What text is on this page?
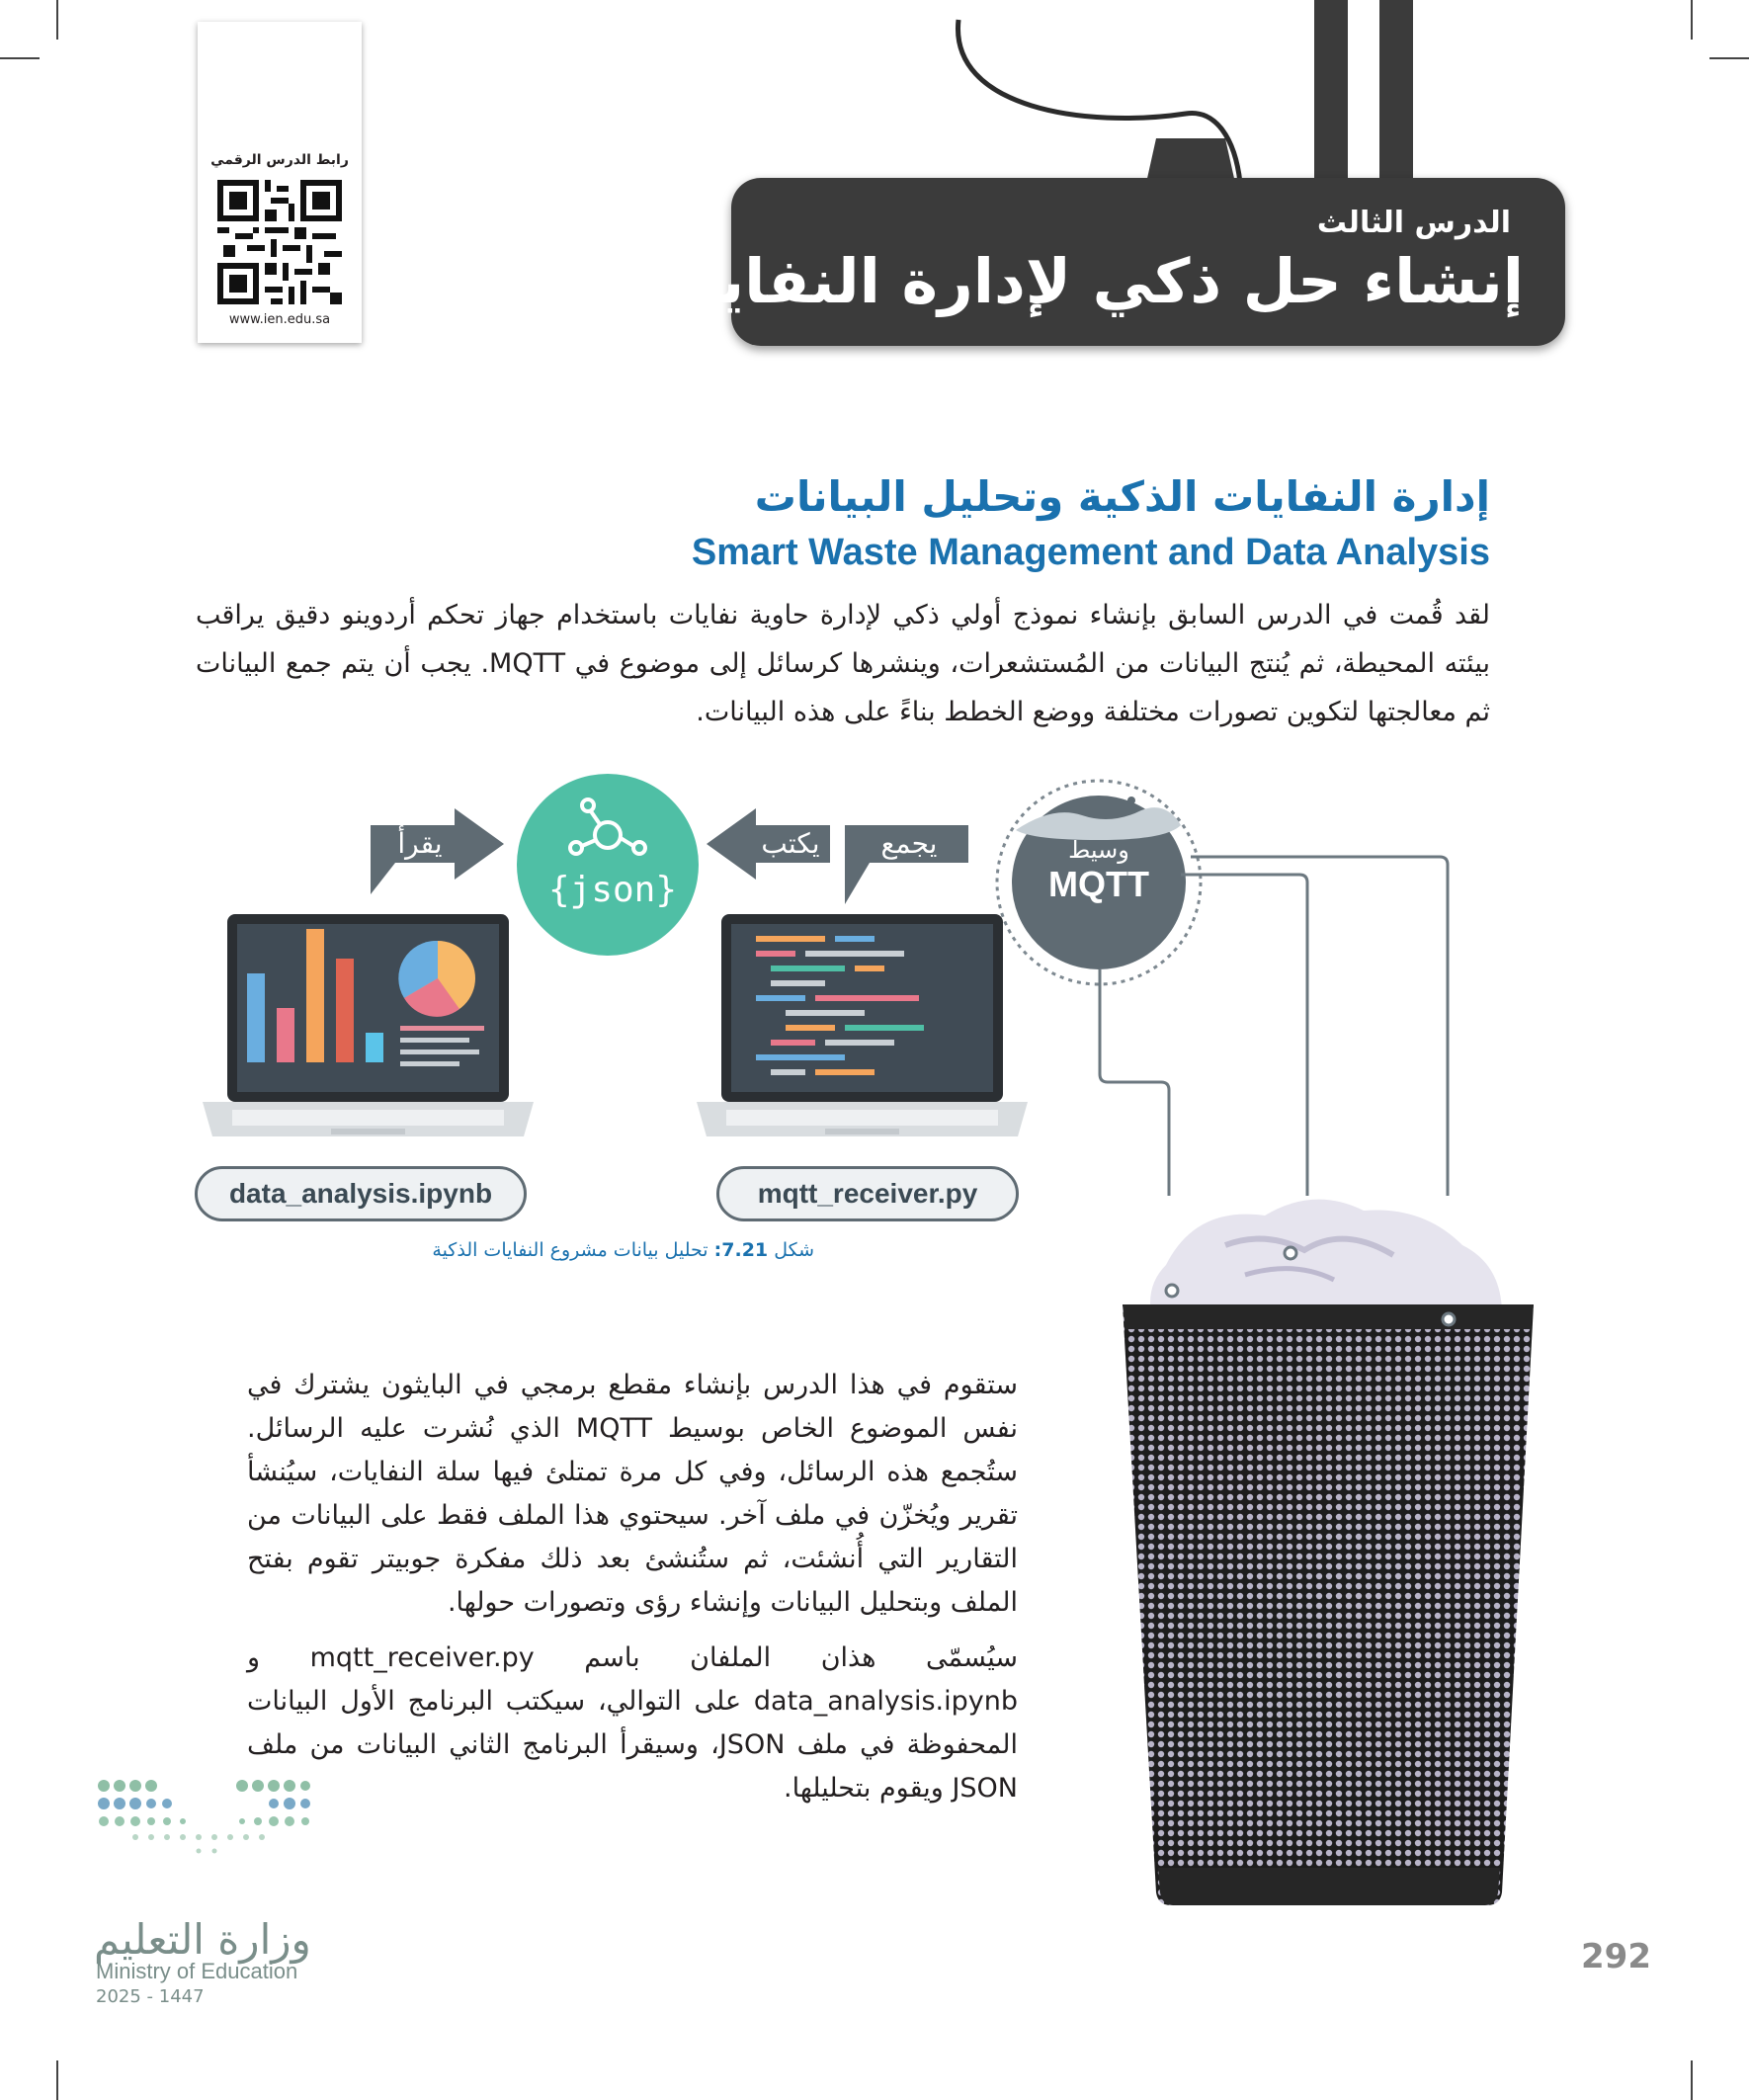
رابط الدرس الرقمي
www.ien.edu.sa
الدرس الثالث
إنشاء حل ذكي لإدارة النفايات
إدارة النفايات الذكية وتحليل البيانات
Smart Waste Management and Data Analysis
لقد قُمت في الدرس السابق بإنشاء نموذج أولي ذكي لإدارة حاوية نفايات باستخدام جهاز تحكم أردوينو دقيق يراقب بيئته المحيطة، ثم يُنتج البيانات من المُستشعرات، وينشرها كرسائل إلى موضوع في MQTT. يجب أن يتم جمع البيانات ثم معالجتها لتكوين تصورات مختلفة ووضع الخطط بناءً على هذه البيانات.
يقرأ	يكتب	يجمع
{json}
وسيط
MQTT
data_analysis.ipynb	mqtt_receiver.py
شكل 7.21: تحليل بيانات مشروع النفايات الذكية

ستقوم في هذا الدرس بإنشاء مقطع برمجي في البايثون يشترك في نفس الموضوع الخاص بوسيط MQTT الذي نُشرت عليه الرسائل. ستُجمع هذه الرسائل، وفي كل مرة تمتلئ فيها سلة النفايات، سيُنشأ تقرير ويُخزّن في ملف آخر. سيحتوي هذا الملف فقط على البيانات من التقارير التي أُنشئت، ثم ستُنشئ بعد ذلك مفكرة جوبيتر تقوم بفتح الملف وبتحليل البيانات وإنشاء رؤى وتصورات حولها.

سيُسمّى هذان الملفان باسم mqtt_receiver.py و data_analysis.ipynb على التوالي، سيكتب البرنامج الأول البيانات المحفوظة في ملف JSON، وسيقرأ البرنامج الثاني البيانات من ملف JSON ويقوم بتحليلها.

وزارة التعليم
Ministry of Education
2025 - 1447
292
